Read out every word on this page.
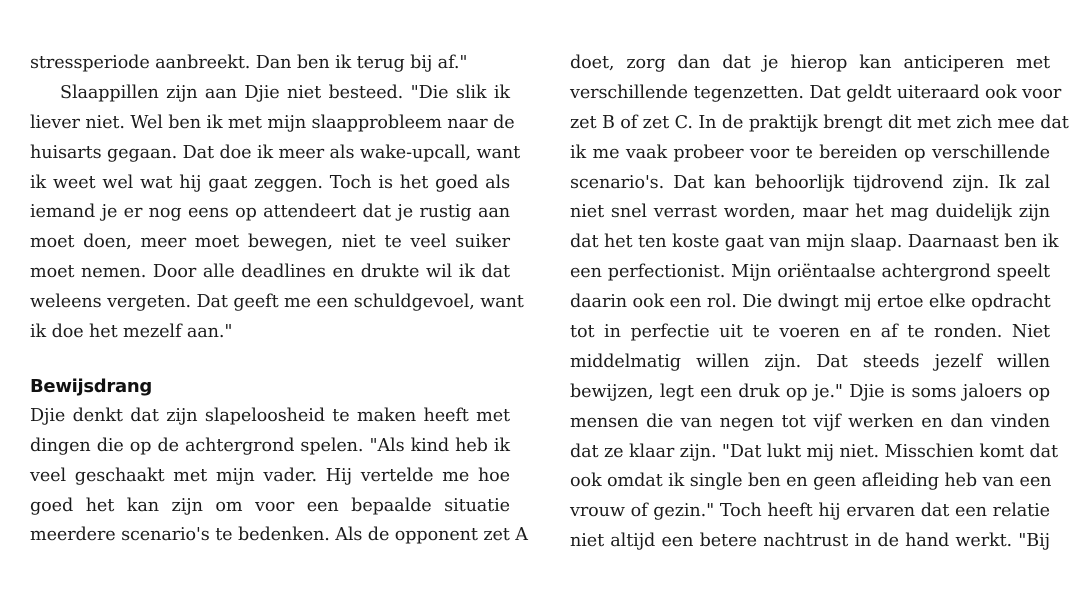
stressperiode aanbreekt. Dan ben ik terug bij af."
Slaappillen zijn aan Djie niet besteed. "Die slik ik
liever niet. Wel ben ik met mijn slaapprobleem naar de
huisarts gegaan. Dat doe ik meer als wake-upcall, want
ik weet wel wat hij gaat zeggen. Toch is het goed als
iemand je er nog eens op attendeert dat je rustig aan
moet doen, meer moet bewegen, niet te veel suiker
moet nemen. Door alle deadlines en drukte wil ik dat
weleens vergeten. Dat geeft me een schuldgevoel, want
ik doe het mezelf aan."
Bewijsdrang
Djie denkt dat zijn slapeloosheid te maken heeft met
dingen die op de achtergrond spelen. "Als kind heb ik
veel geschaakt met mijn vader. Hij vertelde me hoe
goed het kan zijn om voor een bepaalde situatie
meerdere scenario's te bedenken. Als de opponent zet A
doet, zorg dan dat je hierop kan anticiperen met
verschillende tegenzetten. Dat geldt uiteraard ook voor
zet B of zet C. In de praktijk brengt dit met zich mee dat
ik me vaak probeer voor te bereiden op verschillende
scenario's. Dat kan behoorlijk tijdrovend zijn. Ik zal
niet snel verrast worden, maar het mag duidelijk zijn
dat het ten koste gaat van mijn slaap. Daarnaast ben ik
een perfectionist. Mijn oriëntaalse achtergrond speelt
daarin ook een rol. Die dwingt mij ertoe elke opdracht
tot in perfectie uit te voeren en af te ronden. Niet
middelmatig willen zijn. Dat steeds jezelf willen
bewijzen, legt een druk op je." Djie is soms jaloers op
mensen die van negen tot vijf werken en dan vinden
dat ze klaar zijn. "Dat lukt mij niet. Misschien komt dat
ook omdat ik single ben en geen afleiding heb van een
vrouw of gezin." Toch heeft hij ervaren dat een relatie
niet altijd een betere nachtrust in de hand werkt. "Bij
